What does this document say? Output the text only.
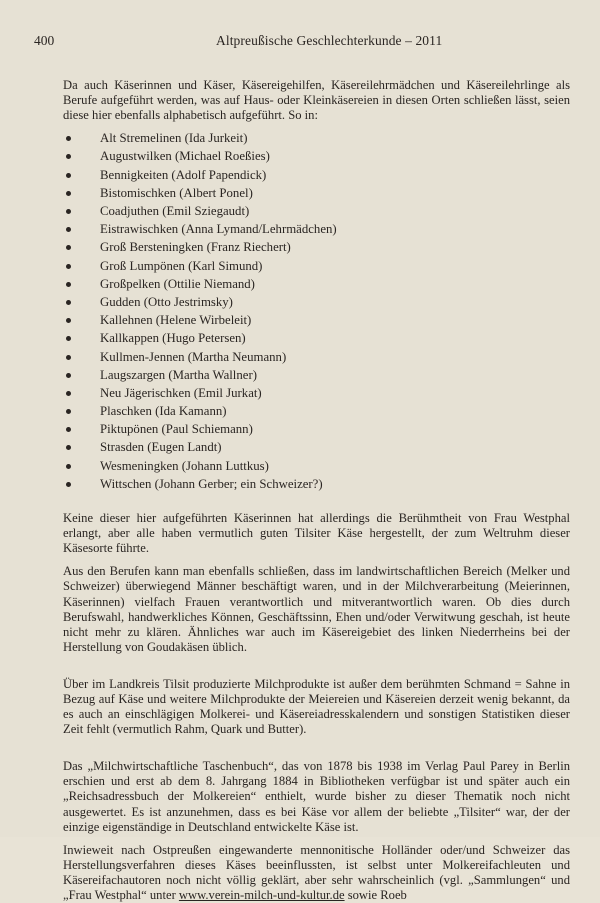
400	Altpreußische Geschlechterkunde – 2011

Da auch Käserinnen und Käser, Käsereigehilfen, Käsereilehrmädchen und Käsereilehrlinge als Berufe aufgeführt werden, was auf Haus- oder Kleinkäsereien in diesen Orten schließen lässt, seien diese hier ebenfalls alphabetisch aufgeführt. So in:

Alt Stremelinen (Ida Jurkeit)
Augustwilken (Michael Roeßies)
Bennigkeiten (Adolf Papendick)
Bistomischken (Albert Ponel)
Coadjuthen (Emil Sziegaudt)
Eistrawischken (Anna Lymand/Lehrmädchen)
Groß Bersteningken (Franz Riechert)
Groß Lumpönen (Karl Simund)
Großpelken (Ottilie Niemand)
Gudden (Otto Jestrimsky)
Kallehnen (Helene Wirbeleit)
Kallkappen (Hugo Petersen)
Kullmen-Jennen (Martha Neumann)
Laugszargen (Martha Wallner)
Neu Jägerischken (Emil Jurkat)
Plaschken (Ida Kamann)
Piktupönen (Paul Schiemann)
Strasden (Eugen Landt)
Wesmeningken (Johann Luttkus)
Wittschen (Johann Gerber; ein Schweizer?)

Keine dieser hier aufgeführten Käserinnen hat allerdings die Berühmtheit von Frau Westphal erlangt, aber alle haben vermutlich guten Tilsiter Käse hergestellt, der zum Weltruhm dieser Käsesorte führte.

Aus den Berufen kann man ebenfalls schließen, dass im landwirtschaftlichen Bereich (Melker und Schweizer) überwiegend Männer beschäftigt waren, und in der Milchverarbeitung (Meierinnen, Käserinnen) vielfach Frauen verantwortlich und mitverantwortlich waren. Ob dies durch Berufswahl, handwerkliches Können, Geschäftssinn, Ehen und/oder Verwitwung geschah, ist heute nicht mehr zu klären. Ähnliches war auch im Käsereigebiet des linken Niederrheins bei der Herstellung von Goudakäsen üblich.

Über im Landkreis Tilsit produzierte Milchprodukte ist außer dem berühmten Schmand = Sahne in Bezug auf Käse und weitere Milchprodukte der Meiereien und Käsereien derzeit wenig bekannt, da es auch an einschlägigen Molkerei- und Käsereiadresskalendern und sonstigen Statistiken dieser Zeit fehlt (vermutlich Rahm, Quark und Butter).

Das „Milchwirtschaftliche Taschenbuch“, das von 1878 bis 1938 im Verlag Paul Parey in Berlin erschien und erst ab dem 8. Jahrgang 1884 in Bibliotheken verfügbar ist und später auch ein „Reichsadressbuch der Molkereien“ enthielt, wurde bisher zu dieser Thematik noch nicht ausgewertet. Es ist anzunehmen, dass es bei Käse vor allem der beliebte „Tilsiter“ war, der der einzige eigenständige in Deutschland entwickelte Käse ist.

Inwieweit nach Ostpreußen eingewanderte mennonitische Holländer oder/und Schweizer das Herstellungsverfahren dieses Käses beeinflussten, ist selbst unter Molkereifachleuten und Käsereifachautoren noch nicht völlig geklärt, aber sehr wahrscheinlich (vgl. „Sammlungen“ und „Frau Westphal“ unter www.verein-milch-und-kultur.de sowie Roeb
